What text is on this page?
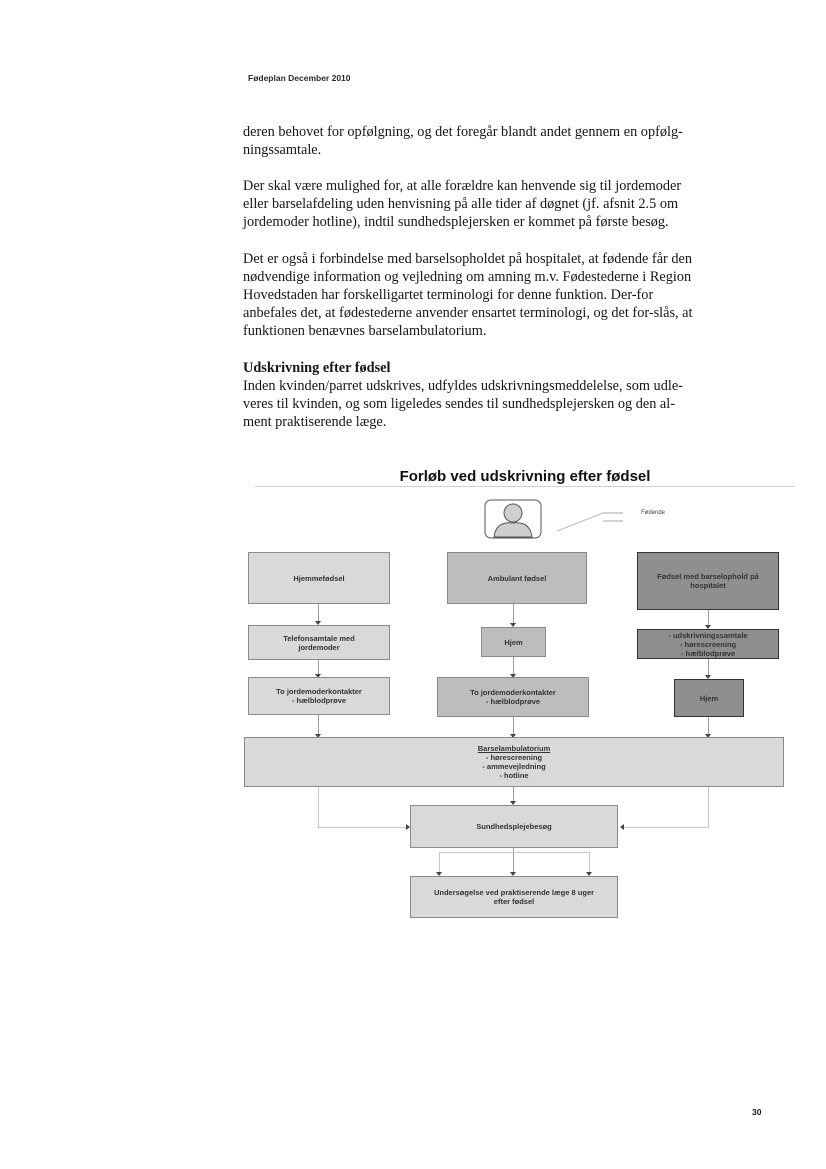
Fødeplan December 2010

deren behovet for opfølgning, og det foregår blandt andet gennem en opfølg-ningssamtale.

Der skal være mulighed for, at alle forældre kan henvende sig til jordemoder eller barselafdeling uden henvisning på alle tider af døgnet (jf. afsnit 2.5 om jordemoder hotline), indtil sundhedsplejersken er kommet på første besøg.

Det er også i forbindelse med barselsopholdet på hospitalet, at fødende får den nødvendige information og vejledning om amning m.v. Fødestederne i Region Hovedstaden har forskelligartet terminologi for denne funktion. Der-for anbefales det, at fødestederne anvender ensartet terminologi, og det for-slås, at funktionen benævnes barselambulatorium.

Udskrivning efter fødsel

Inden kvinden/parret udskrives, udfyldes udskrivningsmeddelelse, som udle-veres til kvinden, og som ligeledes sendes til sundhedsplejersken og den al-ment praktiserende læge.

Forløb ved udskrivning efter fødsel
Fødende
Hjemmefødsel
Telefonsamtale med
jordemoder
To jordemoderkontakter
- hælblodprøve
Ambulant fødsel
Hjem
To jordemoderkontakter
- hælblodprøve
Fødsel med barselophold på
hospitalet
- udskrivningssamtale
- hørescreening
- hælblodprøve
Hjem
Barselambulatorium
- hørescreening
- ammevejledning
- hotline
Sundhedsplejebesøg
Undersøgelse ved praktiserende læge 8 uger
efter fødsel
30
